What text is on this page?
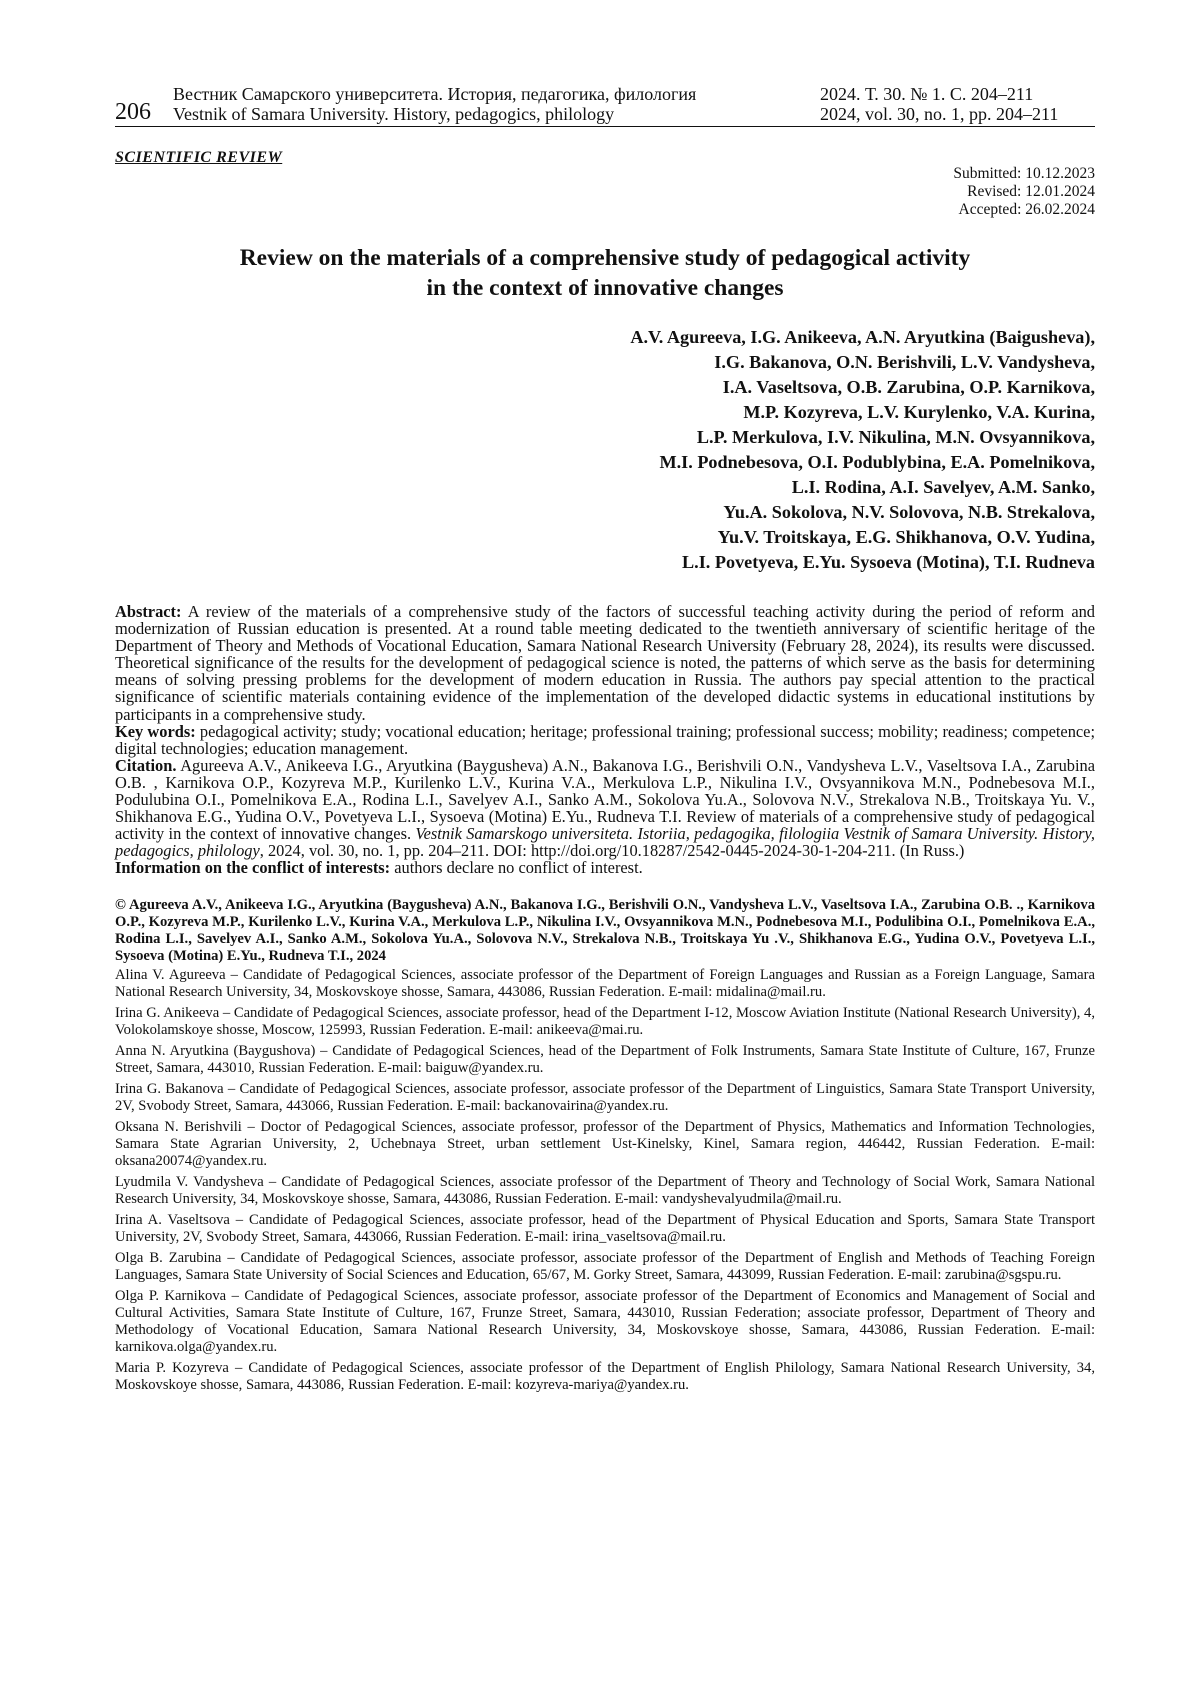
206
Вестник Самарского университета. История, педагогика, филология
Vestnik of Samara University. History, pedagogics, philology
2024. Т. 30. № 1. С. 204–211
2024, vol. 30, no. 1, pp. 204–211
SCIENTIFIC REVIEW
Submitted: 10.12.2023
Revised: 12.01.2024
Accepted: 26.02.2024
Review on the materials of a comprehensive study of pedagogical activity
in the context of innovative changes
A.V. Agureeva, I.G. Anikeeva, A.N. Aryutkina (Baigusheva),
I.G. Bakanova, O.N. Berishvili, L.V. Vandysheva,
I.A. Vaseltsova, O.B. Zarubina, O.P. Karnikova,
M.P. Kozyreva, L.V. Kurylenko, V.A. Kurina,
L.P. Merkulova, I.V. Nikulina, M.N. Ovsyannikova,
M.I. Podnebesova, O.I. Podublybina, E.A. Pomelnikova,
L.I. Rodina, A.I. Savelyev, A.M. Sanko,
Yu.A. Sokolova, N.V. Solovova, N.B. Strekalova,
Yu.V. Troitskaya, E.G. Shikhanova, O.V. Yudina,
L.I. Povetyeva, E.Yu. Sysoeva (Motina), T.I. Rudneva

Abstract: A review of the materials of a comprehensive study of the factors of successful teaching activity during the period of reform and modernization of Russian education is presented. At a round table meeting dedicated to the twentieth anniversary of scientific heritage of the Department of Theory and Methods of Vocational Education, Samara National Research University (February 28, 2024), its results were discussed. Theoretical significance of the results for the development of pedagogical science is noted, the patterns of which serve as the basis for determining means of solving pressing problems for the development of modern education in Russia. The authors pay special attention to the practical significance of scientific materials containing evidence of the implementation of the developed didactic systems in educational institutions by participants in a comprehensive study.

Key words: pedagogical activity; study; vocational education; heritage; professional training; professional success; mobility; readiness; competence; digital technologies; education management.

Citation. Agureeva A.V., Anikeeva I.G., Aryutkina (Baygusheva) A.N., Bakanova I.G., Berishvili O.N., Vandysheva L.V., Vaseltsova I.A., Zarubina O.B. , Karnikova O.P., Kozyreva M.P., Kurilenko L.V., Kurina V.A., Merkulova L.P., Nikulina I.V., Ovsyannikova M.N., Podnebesova M.I., Podulubina O.I., Pomelnikova E.A., Rodina L.I., Savelyev A.I., Sanko A.M., Sokolova Yu.A., Solovova N.V., Strekalova N.B., Troitskaya Yu. V., Shikhanova E.G., Yudina O.V., Povetyeva L.I., Sysoeva (Motina) E.Yu., Rudneva T.I. Review of materials of a comprehensive study of pedagogical activity in the context of innovative changes. Vestnik Samarskogo universiteta. Istoriia, pedagogika, filologiia Vestnik of Samara University. History, pedagogics, philology, 2024, vol. 30, no. 1, pp. 204–211. DOI: http://doi.org/10.18287/2542-0445-2024-30-1-204-211. (In Russ.)

Information on the conflict of interests: authors declare no conflict of interest.

© Agureeva A.V., Anikeeva I.G., Aryutkina (Baygusheva) A.N., Bakanova I.G., Berishvili O.N., Vandysheva L.V., Vaseltsova I.A., Zarubina O.B. ., Karnikova O.P., Kozyreva M.P., Kurilenko L.V., Kurina V.A., Merkulova L.P., Nikulina I.V., Ovsyannikova M.N., Podnebesova M.I., Podulibina O.I., Pomelnikova E.A., Rodina L.I., Savelyev A.I., Sanko A.M., Sokolova Yu.A., Solovova N.V., Strekalova N.B., Troitskaya Yu .V., Shikhanova E.G., Yudina O.V., Povetyeva L.I., Sysoeva (Motina) E.Yu., Rudneva T.I., 2024

Alina V. Agureeva – Candidate of Pedagogical Sciences, associate professor of the Department of Foreign Languages and Russian as a Foreign Language, Samara National Research University, 34, Moskovskoye shosse, Samara, 443086, Russian Federation. E-mail: midalina@mail.ru.

Irina G. Anikeeva – Candidate of Pedagogical Sciences, associate professor, head of the Department I-12, Moscow Aviation Institute (National Research University), 4, Volokolamskoye shosse, Moscow, 125993, Russian Federation. E-mail: anikeeva@mai.ru.

Anna N. Aryutkina (Baygushova) – Candidate of Pedagogical Sciences, head of the Department of Folk Instruments, Samara State Institute of Culture, 167, Frunze Street, Samara, 443010, Russian Federation. E-mail: baiguw@yandex.ru.

Irina G. Bakanova – Candidate of Pedagogical Sciences, associate professor, associate professor of the Department of Linguistics, Samara State Transport University, 2V, Svobody Street, Samara, 443066, Russian Federation. E-mail: backanovairina@yandex.ru.

Oksana N. Berishvili – Doctor of Pedagogical Sciences, associate professor, professor of the Department of Physics, Mathematics and Information Technologies, Samara State Agrarian University, 2, Uchebnaya Street, urban settlement Ust-Kinelsky, Kinel, Samara region, 446442, Russian Federation. E-mail: oksana20074@yandex.ru.

Lyudmila V. Vandysheva – Candidate of Pedagogical Sciences, associate professor of the Department of Theory and Technology of Social Work, Samara National Research University, 34, Moskovskoye shosse, Samara, 443086, Russian Federation. E-mail: vandyshevalyudmila@mail.ru.

Irina A. Vaseltsova – Candidate of Pedagogical Sciences, associate professor, head of the Department of Physical Education and Sports, Samara State Transport University, 2V, Svobody Street, Samara, 443066, Russian Federation. E-mail: irina_vaseltsova@mail.ru.

Olga B. Zarubina – Candidate of Pedagogical Sciences, associate professor, associate professor of the Department of English and Methods of Teaching Foreign Languages, Samara State University of Social Sciences and Education, 65/67, M. Gorky Street, Samara, 443099, Russian Federation. E-mail: zarubina@sgspu.ru.

Olga P. Karnikova – Candidate of Pedagogical Sciences, associate professor, associate professor of the Department of Economics and Management of Social and Cultural Activities, Samara State Institute of Culture, 167, Frunze Street, Samara, 443010, Russian Federation; associate professor, Department of Theory and Methodology of Vocational Education, Samara National Research University, 34, Moskovskoye shosse, Samara, 443086, Russian Federation. E-mail: karnikova.olga@yandex.ru.

Maria P. Kozyreva – Candidate of Pedagogical Sciences, associate professor of the Department of English Philology, Samara National Research University, 34, Moskovskoye shosse, Samara, 443086, Russian Federation. E-mail: kozyreva-mariya@yandex.ru.
